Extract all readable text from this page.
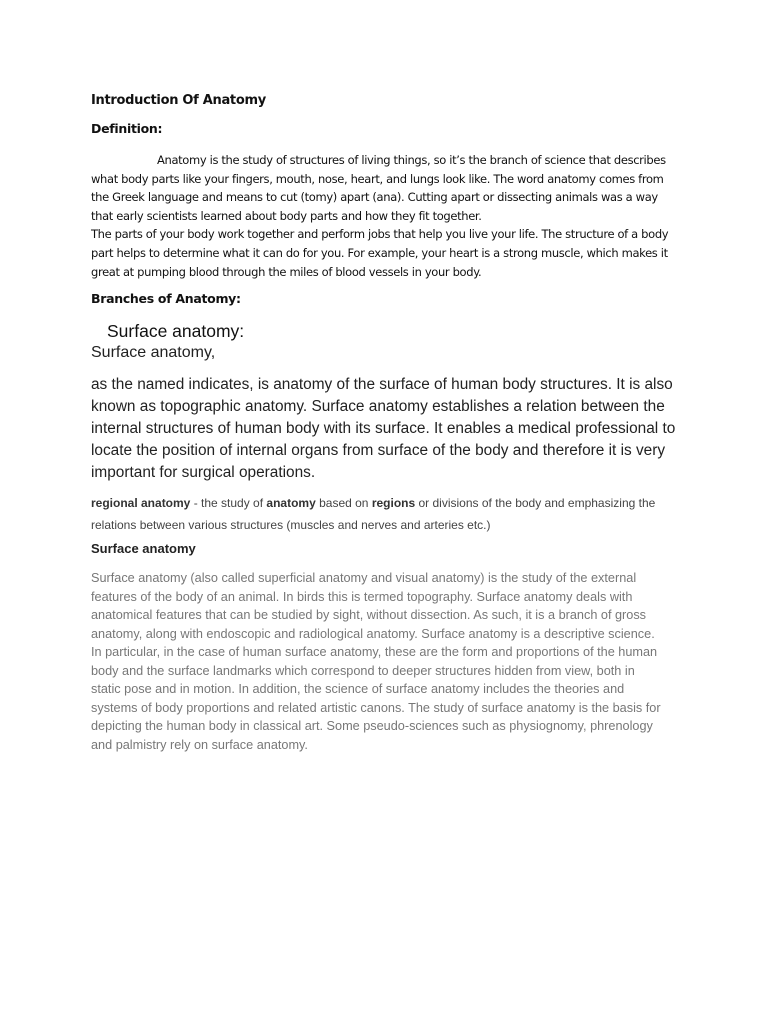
Introduction Of Anatomy
Definition:

Anatomy is the study of structures of living things, so it’s the branch of science that describes what body parts like your fingers, mouth, nose, heart, and lungs look like. The word anatomy comes from the Greek language and means to cut (tomy) apart (ana). Cutting apart or dissecting animals was a way that early scientists learned about body parts and how they fit together.

The parts of your body work together and perform jobs that help you live your life. The structure of a body part helps to determine what it can do for you. For example, your heart is a strong muscle, which makes it great at pumping blood through the miles of blood vessels in your body.

Branches of Anatomy:
Surface anatomy:

Surface anatomy,

as the named indicates, is anatomy of the surface of human body structures. It is also known as topographic anatomy. Surface anatomy establishes a relation between the internal structures of human body with its surface. It enables a medical professional to locate the position of internal organs from surface of the body and therefore it is very important for surgical operations.

regional anatomy - the study of anatomy based on regions or divisions of the body and emphasizing the relations between various structures (muscles and nerves and arteries etc.)

Surface anatomy

Surface anatomy (also called superficial anatomy and visual anatomy) is the study of the external features of the body of an animal. In birds this is termed topography. Surface anatomy deals with anatomical features that can be studied by sight, without dissection. As such, it is a branch of gross anatomy, along with endoscopic and radiological anatomy. Surface anatomy is a descriptive science. In particular, in the case of human surface anatomy, these are the form and proportions of the human body and the surface landmarks which correspond to deeper structures hidden from view, both in static pose and in motion. In addition, the science of surface anatomy includes the theories and systems of body proportions and related artistic canons. The study of surface anatomy is the basis for depicting the human body in classical art. Some pseudo-sciences such as physiognomy, phrenology and palmistry rely on surface anatomy.
